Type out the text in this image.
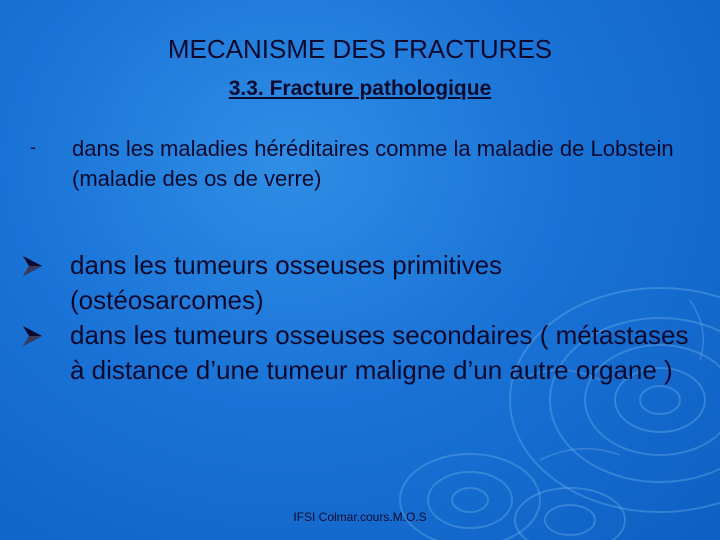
MECANISME DES FRACTURES
3.3. Fracture pathologique
- dans les maladies héréditaires comme la maladie de Lobstein (maladie des os de verre)
dans les tumeurs osseuses primitives (ostéosarcomes)
dans les tumeurs osseuses secondaires ( métastases à distance d’une tumeur maligne d’un autre organe )
IFSI Colmar.cours.M.O.S
